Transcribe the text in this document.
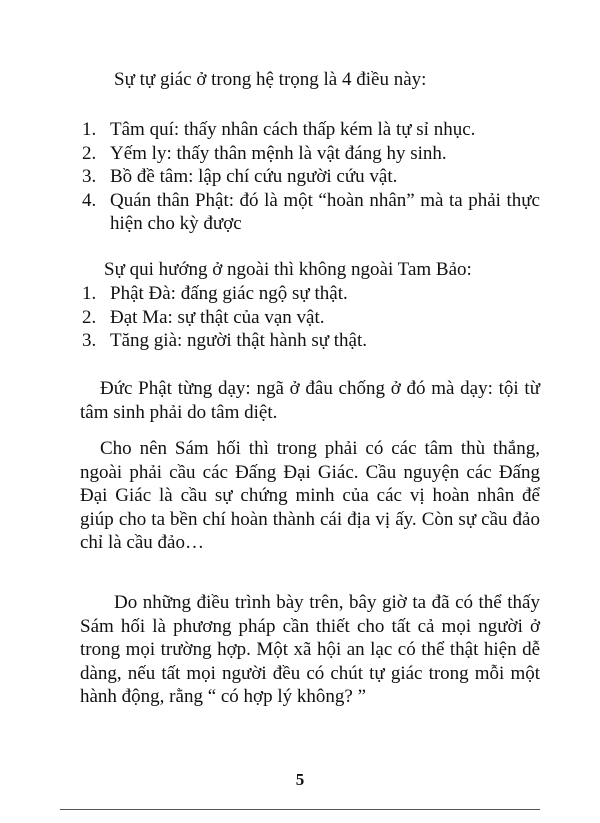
Sự tự giác ở trong hệ trọng là 4 điều này:

1. Tâm quí: thấy nhân cách thấp kém là tự sỉ nhục.
2. Yếm ly: thấy thân mệnh là vật đáng hy sinh.
3. Bồ đề tâm: lập chí cứu người cứu vật.
4. Quán thân Phật: đó là một “hoàn nhân” mà ta phải thực hiện cho kỳ được

Sự qui hướng ở ngoài thì không ngoài Tam Bảo:

1. Phật Đà: đấng giác ngộ sự thật.
2. Đạt Ma: sự thật của vạn vật.
3. Tăng già: người thật hành sự thật.

Đức Phật từng dạy: ngã ở đâu chống ở đó mà dạy: tội từ tâm sinh phải do tâm diệt.

Cho nên Sám hối thì trong phải có các tâm thù thắng, ngoài phải cầu các Đấng Đại Giác. Cầu nguyện các Đấng Đại Giác là cầu sự chứng minh của các vị hoàn nhân để giúp cho ta bền chí hoàn thành cái địa vị ấy. Còn sự cầu đảo chỉ là cầu đảo…

Do những điều trình bày trên, bây giờ ta đã có thể thấy Sám hối là phương pháp cần thiết cho tất cả mọi người ở trong mọi trường hợp. Một xã hội an lạc có thể thật hiện dễ dàng, nếu tất mọi người đều có chút tự giác trong mỗi một hành động, rằng “ có hợp lý không? ”

5
